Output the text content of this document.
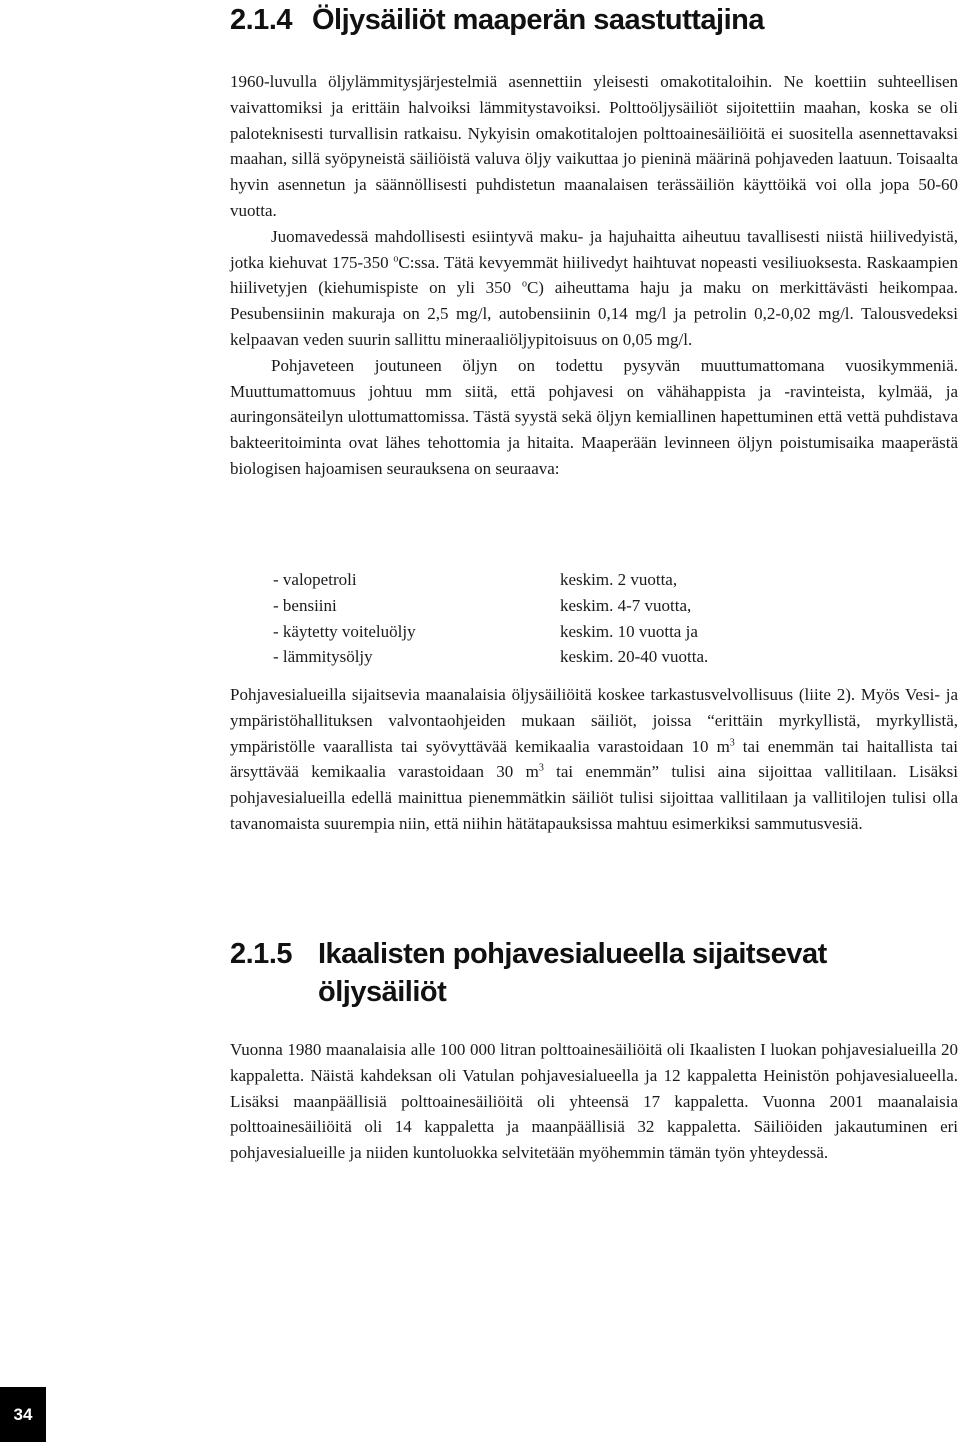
2.1.4 Öljysäiliöt maaperän saastuttajina

1960-luvulla öljylämmitysjärjestelmiä asennettiin yleisesti omakotitaloihin. Ne koettiin suhteellisen vaivattomiksi ja erittäin halvoiksi lämmitystavoiksi. Polttoöljysäiliöt sijoitettiin maahan, koska se oli paloteknisesti turvallisin ratkaisu. Nykyisin omakotitalojen polttoainesäiliöitä ei suositella asennettavaksi maahan, sillä syöpyneistä säiliöistä valuva öljy vaikuttaa jo pieninä määrinä pohjaveden laatuun. Toisaalta hyvin asennetun ja säännöllisesti puhdistetun maanalaisen terässäiliön käyttöikä voi olla jopa 50-60 vuotta.

Juomavedessä mahdollisesti esiintyvä maku- ja hajuhaitta aiheutuu tavallisesti niistä hiilivedyistä, jotka kiehuvat 175-350 $^o$C:ssa. Tätä kevyemmät hiilivedyt haihtuvat nopeasti vesiliuoksesta. Raskaampien hiilivetyjen (kiehumispiste on yli 350 $^o$C) aiheuttama haju ja maku on merkittävästi heikompaa. Pesubensiinin makuraja on 2,5 mg/l, autobensiinin 0,14 mg/l ja petrolin 0,2-0,02 mg/l. Talousvedeksi kelpaavan veden suurin sallittu mineraaliöljypitoisuus on 0,05 mg/l.

Pohjaveteen joutuneen öljyn on todettu pysyvän muuttumattomana vuosikymmeniä. Muuttumattomuus johtuu mm siitä, että pohjavesi on vähähappista ja -ravinteista, kylmää, ja auringonsäteilyn ulottumattomissa. Tästä syystä sekä öljyn kemiallinen hapettuminen että vettä puhdistava bakteeritoiminta ovat lähes tehottomia ja hitaita. Maaperään levinneen öljyn poistumisaika maaperästä biologisen hajoamisen seurauksena on seuraava:

- valopetroli	keskim. 2 vuotta,
- bensiini	keskim. 4-7 vuotta,
- käytetty voiteluöljy	keskim. 10 vuotta ja
- lämmitysöljy	keskim. 20-40 vuotta.

Pohjavesialueilla sijaitsevia maanalaisia öljysäiliöitä koskee tarkastusvelvollisuus (liite 2). Myös Vesi- ja ympäristöhallituksen valvontaohjeiden mukaan säiliöt, joissa “erittäin myrkyllistä, myrkyllistä, ympäristölle vaarallista tai syövyttävää kemikaalia varastoidaan 10 $m^3$ tai enemmän tai haitallista tai ärsyttävää kemikaalia varastoidaan 30 $m^3$ tai enemmän” tulisi aina sijoittaa vallitilaan. Lisäksi pohjavesialueilla edellä mainittua pienemmätkin säiliöt tulisi sijoittaa vallitilaan ja vallitilojen tulisi olla tavanomaista suurempia niin, että niihin hätätapauksissa mahtuu esimerkiksi sammutusvesiä.

2.1.5 Ikaalisten pohjavesialueella sijaitsevat
öljysäiliöt

Vuonna 1980 maanalaisia alle 100 000 litran polttoainesäiliöitä oli Ikaalisten I luokan pohjavesialueilla 20 kappaletta. Näistä kahdeksan oli Vatulan pohjavesialueella ja 12 kappaletta Heinistön pohjavesialueella. Lisäksi maanpäällisiä polttoainesäiliöitä oli yhteensä 17 kappaletta. Vuonna 2001 maanalaisia polttoainesäiliöitä oli 14 kappaletta ja maanpäällisiä 32 kappaletta. Säiliöiden jakautuminen eri pohjavesialueille ja niiden kuntoluokka selvitetään myöhemmin tämän työn yhteydessä.

34
